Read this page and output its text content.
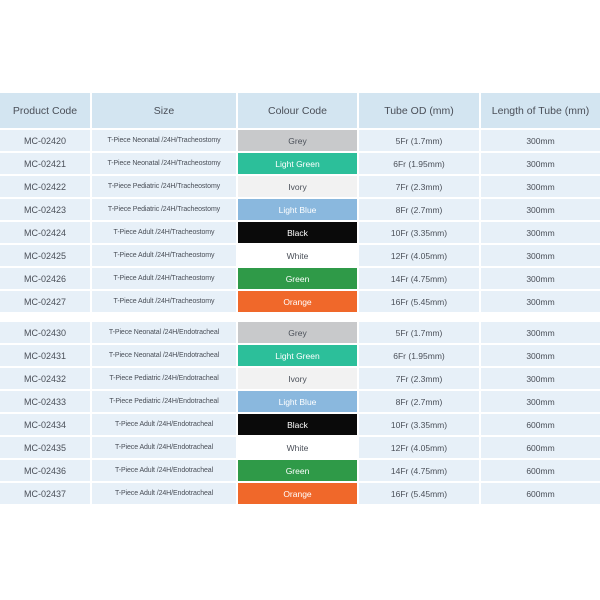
Product Code	Size	Colour Code	Tube OD (mm)	Length of Tube (mm)
MC-02420	T-Piece Neonatal /24H/Tracheostomy	Grey	5Fr (1.7mm)	300mm
MC-02421	T-Piece Neonatal /24H/Tracheostomy	Light Green	6Fr (1.95mm)	300mm
MC-02422	T-Piece Pediatric /24H/Tracheostomy	Ivory	7Fr (2.3mm)	300mm
MC-02423	T-Piece Pediatric /24H/Tracheostomy	Light Blue	8Fr (2.7mm)	300mm
MC-02424	T-Piece Adult /24H/Tracheostomy	Black	10Fr (3.35mm)	300mm
MC-02425	T-Piece Adult /24H/Tracheostomy	White	12Fr (4.05mm)	300mm
MC-02426	T-Piece Adult /24H/Tracheostomy	Green	14Fr (4.75mm)	300mm
MC-02427	T-Piece Adult /24H/Tracheostomy	Orange	16Fr (5.45mm)	300mm

MC-02430	T-Piece Neonatal /24H/Endotracheal	Grey	5Fr (1.7mm)	300mm
MC-02431	T-Piece Neonatal /24H/Endotracheal	Light Green	6Fr (1.95mm)	300mm
MC-02432	T-Piece Pediatric /24H/Endotracheal	Ivory	7Fr (2.3mm)	300mm
MC-02433	T-Piece Pediatric /24H/Endotracheal	Light Blue	8Fr (2.7mm)	300mm
MC-02434	T-Piece Adult /24H/Endotracheal	Black	10Fr (3.35mm)	600mm
MC-02435	T-Piece Adult /24H/Endotracheal	White	12Fr (4.05mm)	600mm
MC-02436	T-Piece Adult /24H/Endotracheal	Green	14Fr (4.75mm)	600mm
MC-02437	T-Piece Adult /24H/Endotracheal	Orange	16Fr (5.45mm)	600mm
